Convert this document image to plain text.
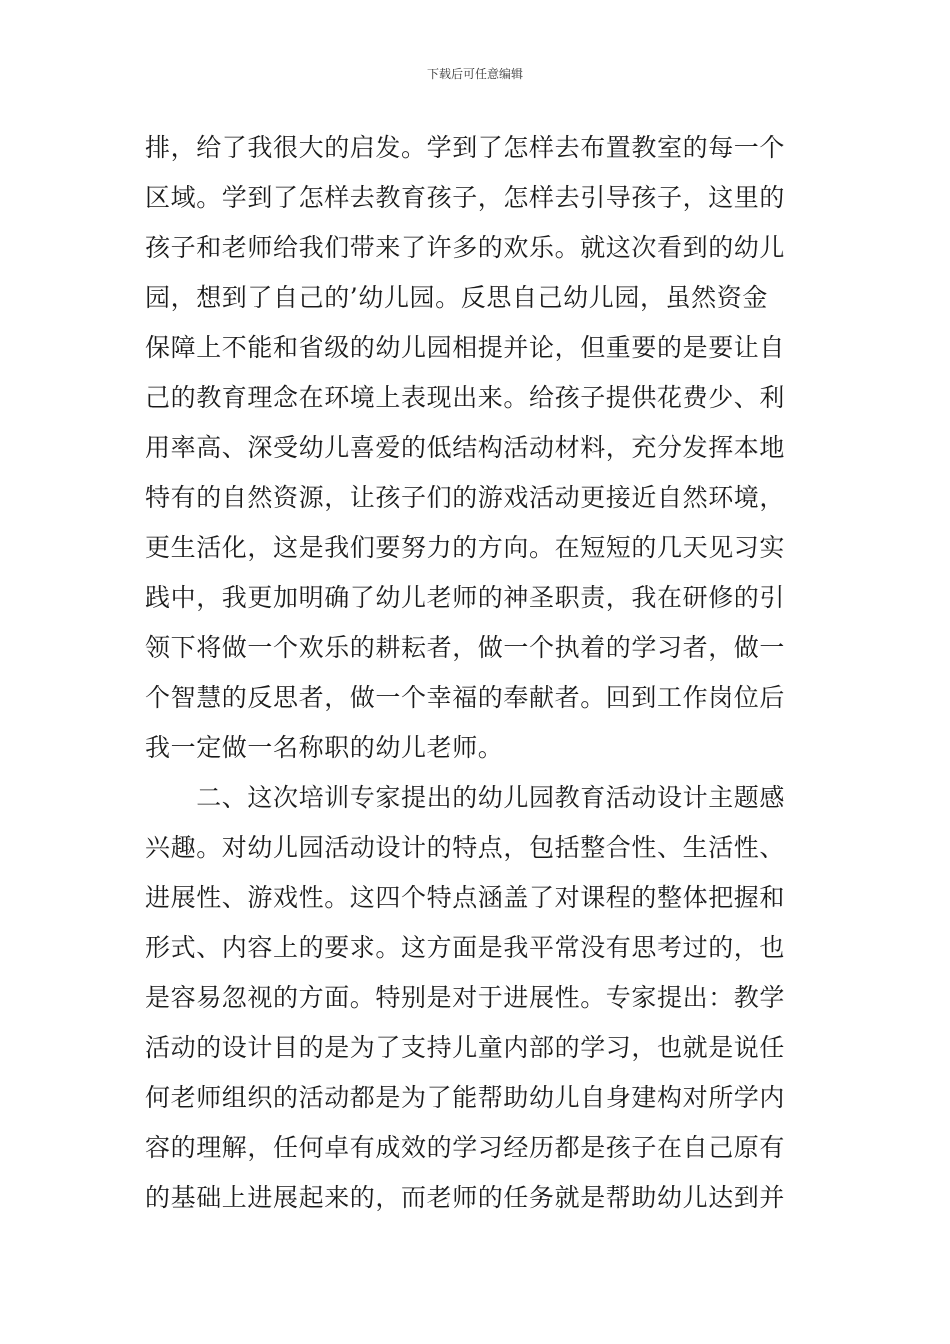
下载后可任意编辑
排，给了我很大的启发。学到了怎样去布置教室的每一个
区域。学到了怎样去教育孩子，怎样去引导孩子，这里的
孩子和老师给我们带来了许多的欢乐。就这次看到的幼儿
园，想到了自己的’幼儿园。反思自己幼儿园，虽然资金
保障上不能和省级的幼儿园相提并论，但重要的是要让自
己的教育理念在环境上表现出来。给孩子提供花费少、利
用率高、深受幼儿喜爱的低结构活动材料，充分发挥本地
特有的自然资源，让孩子们的游戏活动更接近自然环境，
更生活化，这是我们要努力的方向。在短短的几天见习实
践中，我更加明确了幼儿老师的神圣职责，我在研修的引
领下将做一个欢乐的耕耘者，做一个执着的学习者，做一
个智慧的反思者，做一个幸福的奉献者。回到工作岗位后
我一定做一名称职的幼儿老师。
　　二、这次培训专家提出的幼儿园教育活动设计主题感
兴趣。对幼儿园活动设计的特点，包括整合性、生活性、
进展性、游戏性。这四个特点涵盖了对课程的整体把握和
形式、内容上的要求。这方面是我平常没有思考过的，也
是容易忽视的方面。特别是对于进展性。专家提出：教学
活动的设计目的是为了支持儿童内部的学习，也就是说任
何老师组织的活动都是为了能帮助幼儿自身建构对所学内
容的理解，任何卓有成效的学习经历都是孩子在自己原有
的基础上进展起来的，而老师的任务就是帮助幼儿达到并
